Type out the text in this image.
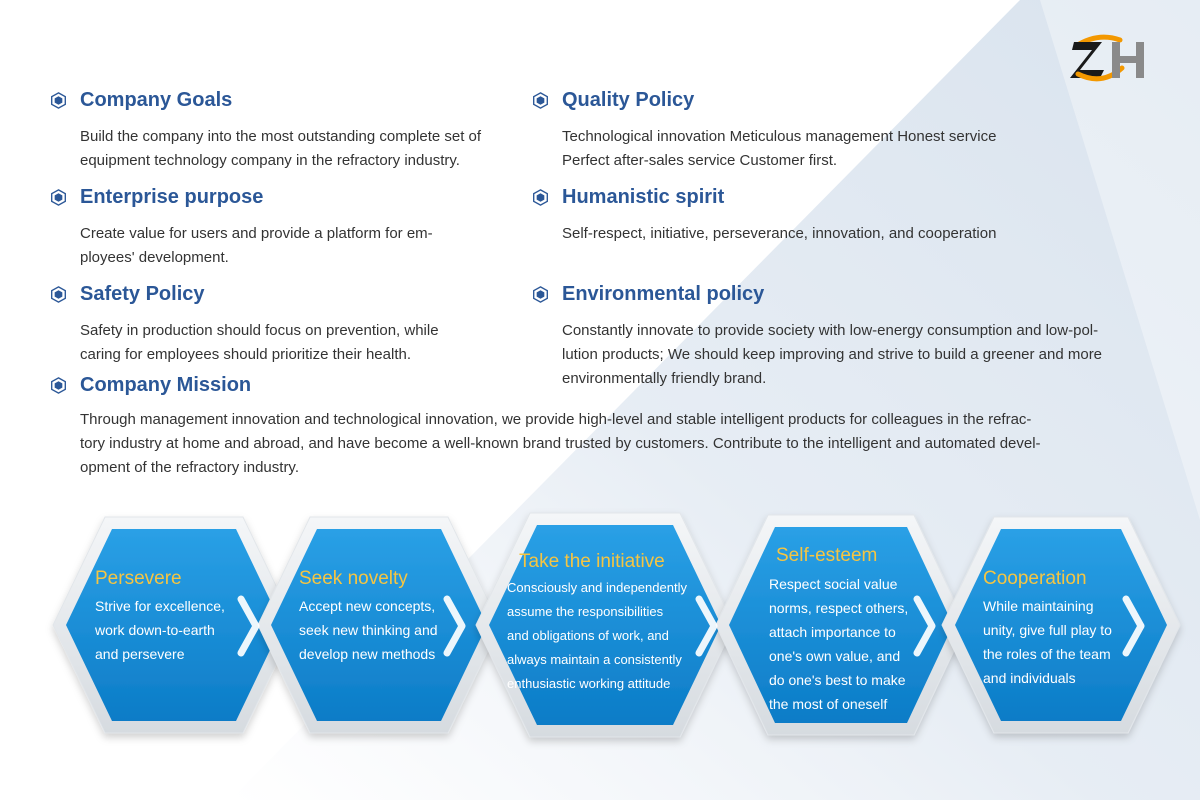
Company Goals
Build the company into the most outstanding complete set of
equipment technology company in the refractory industry.
Quality Policy
Technological innovation Meticulous management Honest service
Perfect after-sales service Customer first.
Enterprise purpose
Create value for users and provide a platform for em-
ployees' development.
Humanistic spirit
Self-respect, initiative, perseverance, innovation, and cooperation
Safety Policy
Safety in production should focus on prevention, while
caring for employees should prioritize their health.
Environmental policy
Constantly innovate to provide society with low-energy consumption and low-pol-
lution products; We should keep improving and strive to build a greener and more
environmentally friendly brand.
Company Mission
Through management innovation and technological innovation, we provide high-level and stable intelligent products for colleagues in the refrac-
tory industry at home and abroad, and have become a well-known brand trusted by customers. Contribute to the intelligent and automated devel-
opment of the refractory industry.
Persevere
Strive for excellence,
work down-to-earth
and persevere
Seek novelty
Accept new concepts,
seek new thinking and
develop new methods
Take the initiative
Consciously and independently
assume the responsibilities
and obligations of work, and
always maintain a consistently
enthusiastic working attitude
Self-esteem
Respect social value
norms, respect others,
attach importance to
one's own value, and
do one's best to make
the most of oneself
Cooperation
While maintaining
unity, give full play to
the roles of the team
and individuals
